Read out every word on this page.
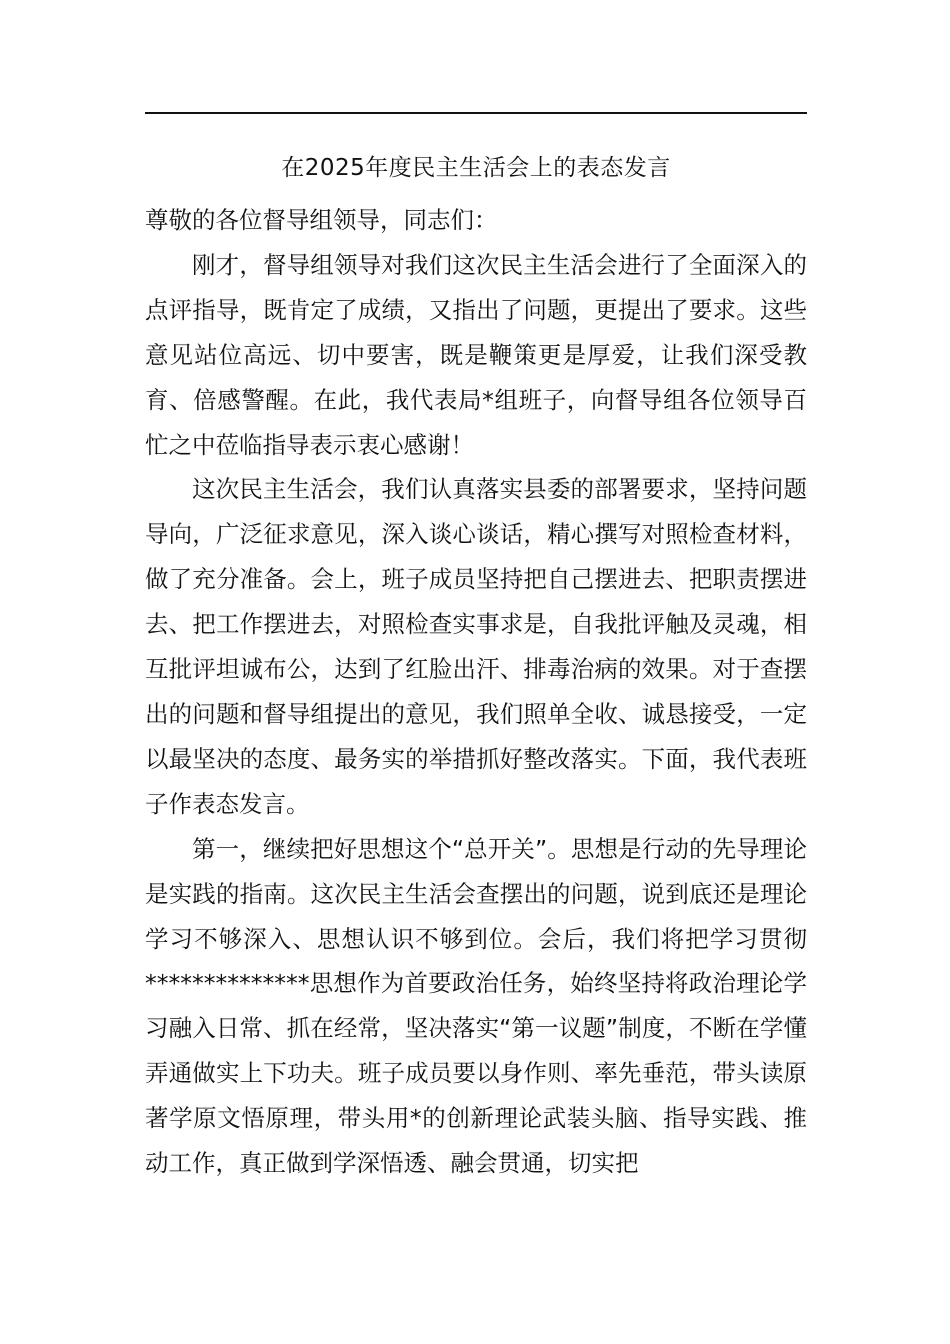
在2025年度民主生活会上的表态发言

尊敬的各位督导组领导，同志们：

刚才，督导组领导对我们这次民主生活会进行了全面深入的点评指导，既肯定了成绩，又指出了问题，更提出了要求。这些意见站位高远、切中要害，既是鞭策更是厚爱，让我们深受教育、倍感警醒。在此，我代表局*组班子，向督导组各位领导百忙之中莅临指导表示衷心感谢！

这次民主生活会，我们认真落实县委的部署要求，坚持问题导向，广泛征求意见，深入谈心谈话，精心撰写对照检查材料，做了充分准备。会上，班子成员坚持把自己摆进去、把职责摆进去、把工作摆进去，对照检查实事求是，自我批评触及灵魂，相互批评坦诚布公，达到了红脸出汗、排毒治病的效果。对于查摆出的问题和督导组提出的意见，我们照单全收、诚恳接受，一定以最坚决的态度、最务实的举措抓好整改落实。下面，我代表班子作表态发言。

第一，继续把好思想这个“总开关”。思想是行动的先导理论是实践的指南。这次民主生活会查摆出的问题，说到底还是理论学习不够深入、思想认识不够到位。会后，我们将把学习贯彻**************思想作为首要政治任务，始终坚持将政治理论学习融入日常、抓在经常，坚决落实“第一议题”制度，不断在学懂弄通做实上下功夫。班子成员要以身作则、率先垂范，带头读原著学原文悟原理，带头用*的创新理论武装头脑、指导实践、推动工作，真正做到学深悟透、融会贯通，切实把
